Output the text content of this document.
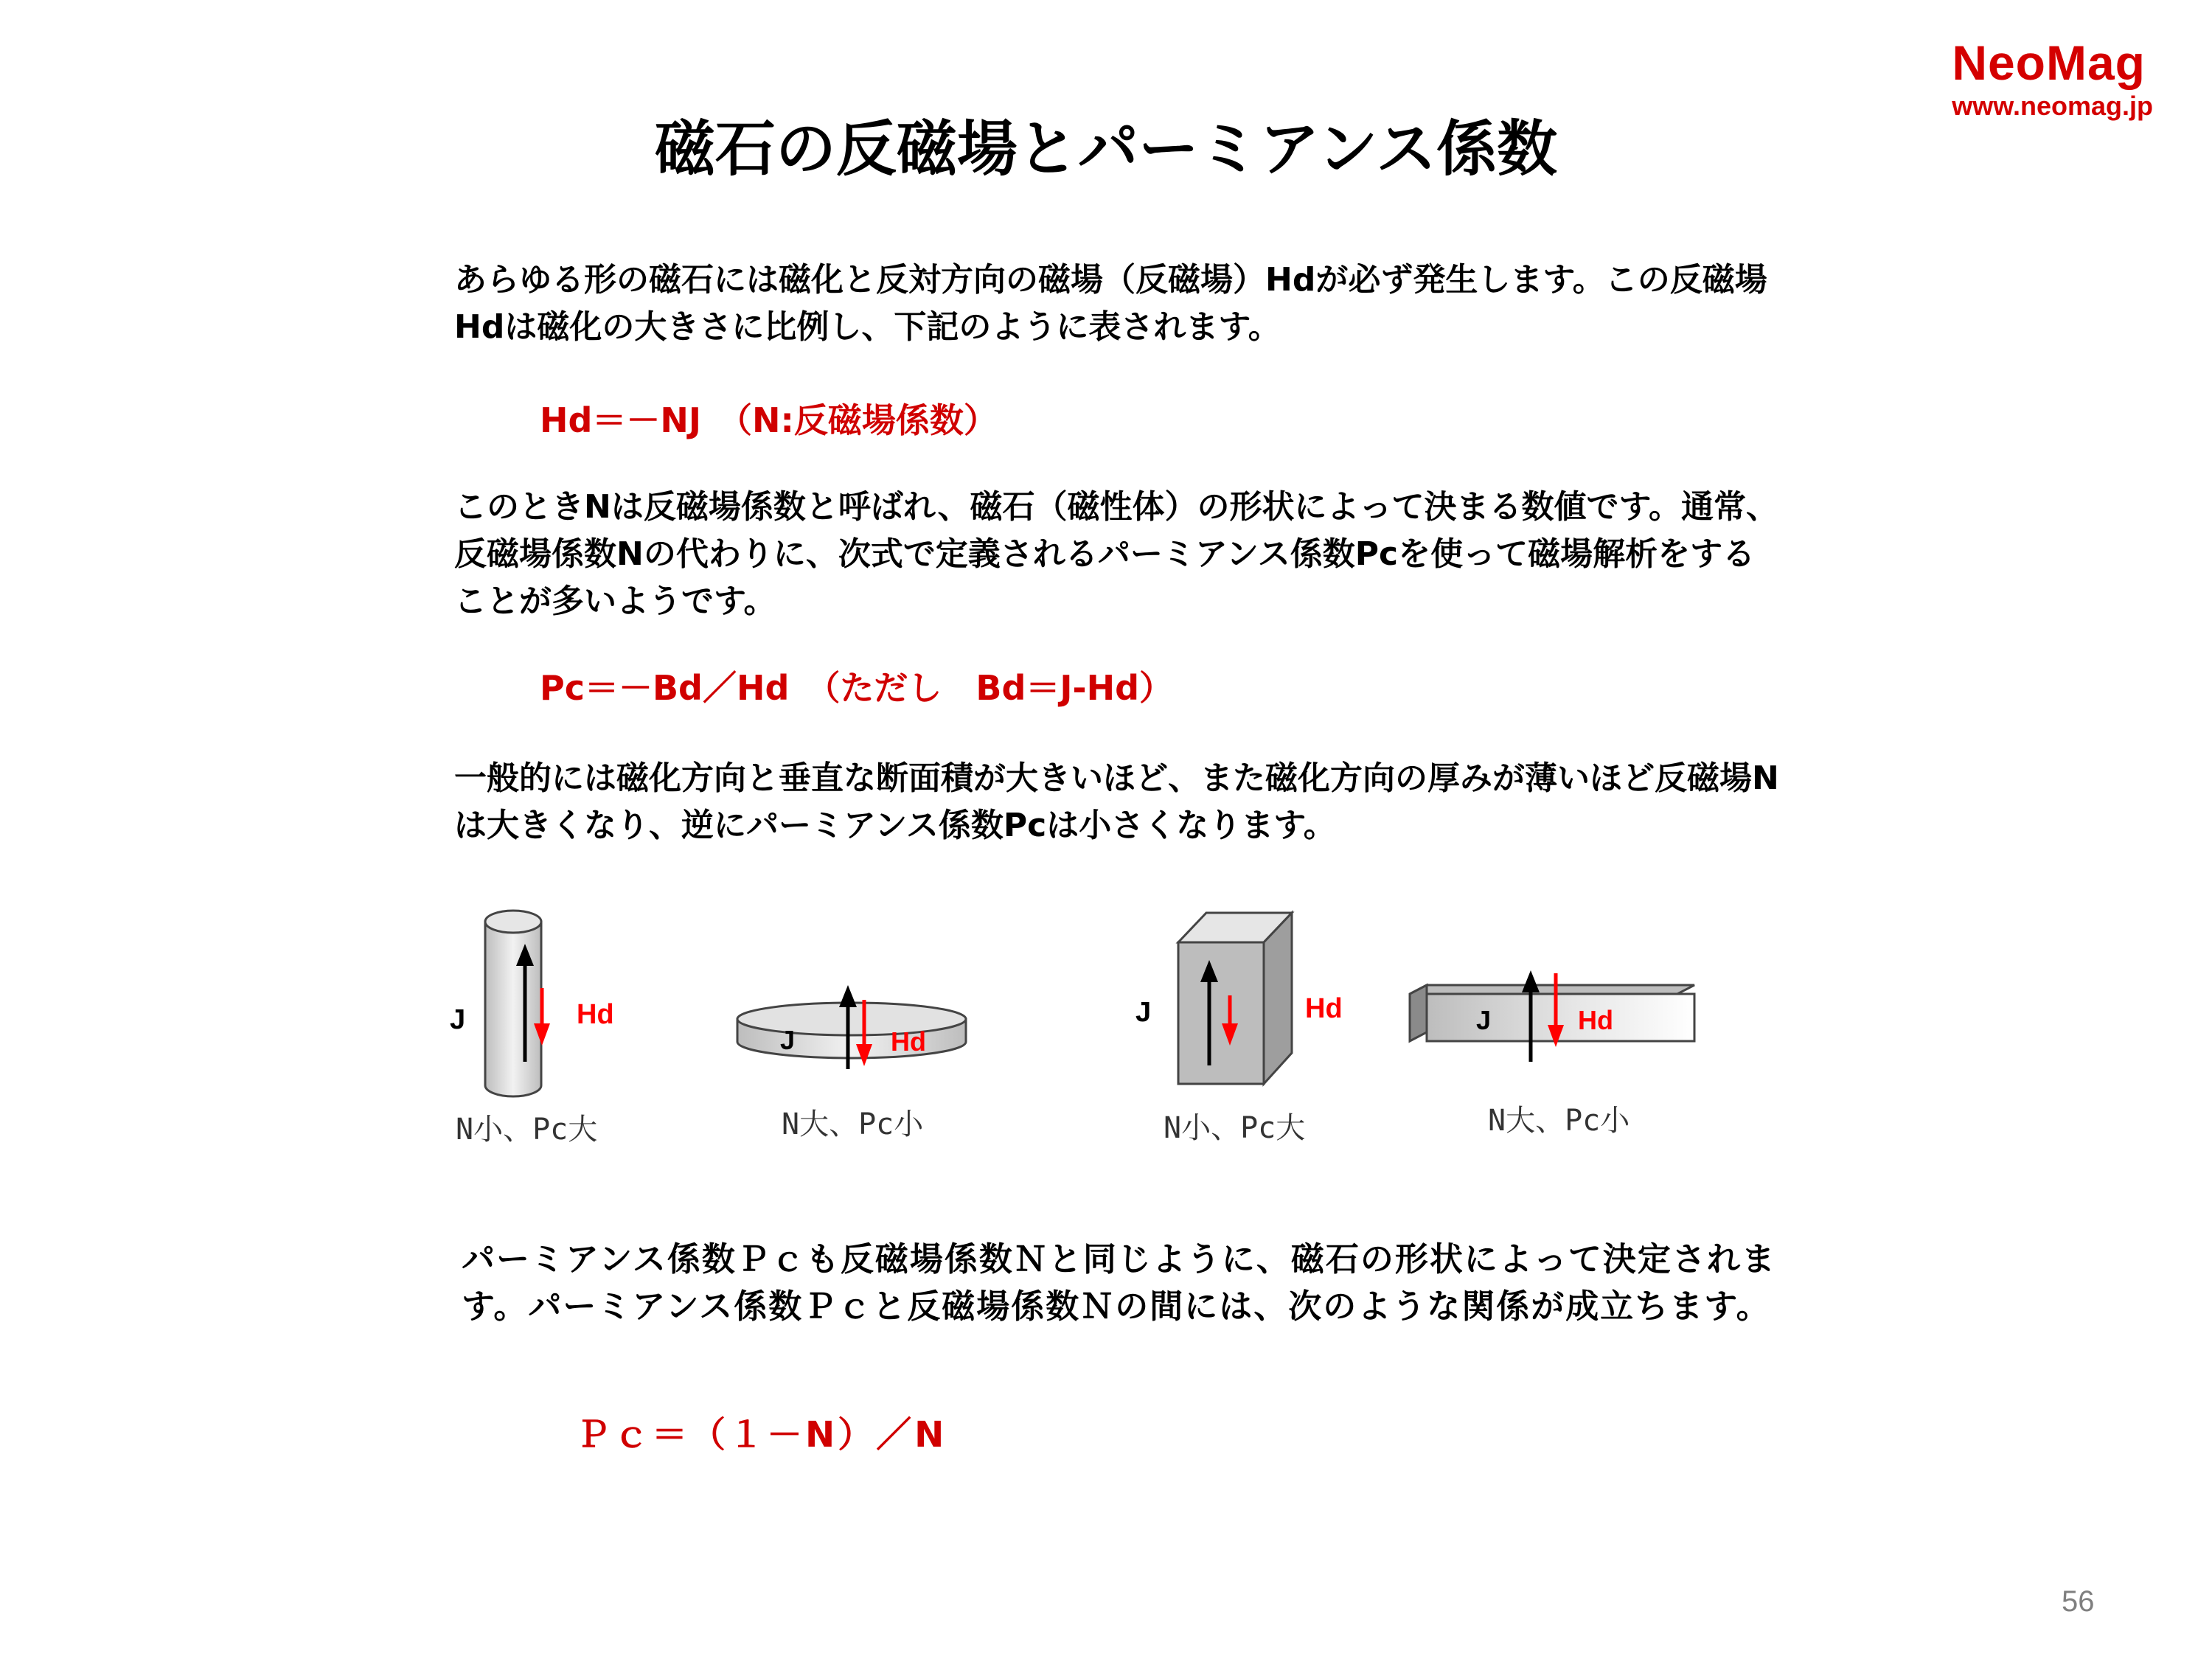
NeoMag
www.neomag.jp
磁石の反磁場とパーミアンス係数

あらゆる形の磁石には磁化と反対方向の磁場（反磁場）Hdが必ず発生します。この反磁場Hdは磁化の大きさに比例し、下記のように表されます。

Hd＝－NJ　（N:反磁場係数）

このときNは反磁場係数と呼ばれ、磁石（磁性体）の形状によって決まる数値です。通常、反磁場係数Nの代わりに、次式で定義されるパーミアンス係数Pcを使って磁場解析をすることが多いようです。

Pc＝－Bd／Hd　（ただし　Bd＝J-Hd）

一般的には磁化方向と垂直な断面積が大きいほど、また磁化方向の厚みが薄いほど反磁場Nは大きくなり、逆にパーミアンス係数Pcは小さくなります。

J	Hd
J	Hd
J	Hd	J	Hd
N小、Pc大	N大、Pc小	N小、Pc大	N大、Pc小

パーミアンス係数Ｐｃも反磁場係数Ｎと同じように、磁石の形状によって決定されます。パーミアンス係数Ｐｃと反磁場係数Ｎの間には、次のような関係が成立ちます。

Ｐｃ＝（１－N）／N
56
